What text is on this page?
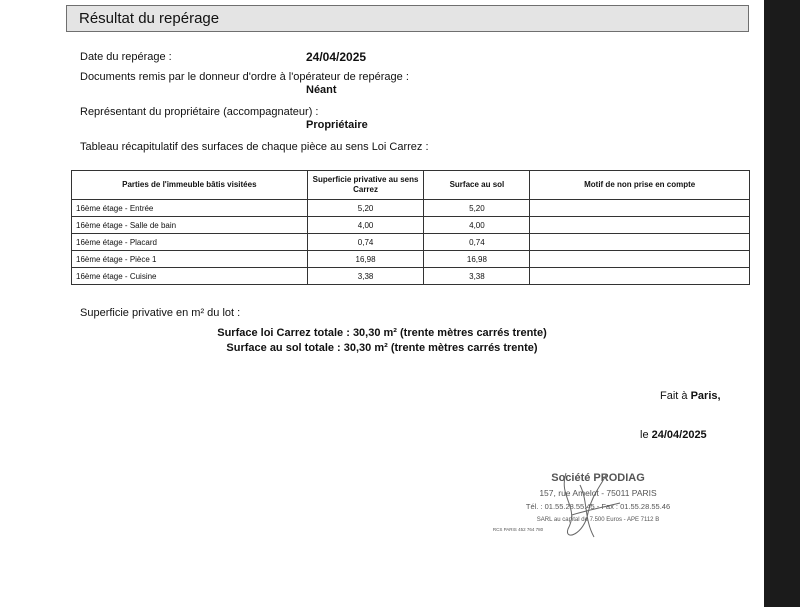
Résultat du repérage
Date du repérage :	24/04/2025
Documents remis par le donneur d'ordre à l'opérateur de repérage :
Néant
Représentant du propriétaire (accompagnateur) :
Propriétaire
Tableau récapitulatif des surfaces de chaque pièce au sens Loi Carrez :
Parties de l'immeuble bâtis visitées	Superficie privative au sens Carrez	Surface au sol	Motif de non prise en compte
16ème étage - Entrée	5,20	5,20	
16ème étage - Salle de bain	4,00	4,00	
16ème étage - Placard	0,74	0,74	
16ème étage - Pièce 1	16,98	16,98	
16ème étage - Cuisine	3,38	3,38	
Superficie privative en m² du lot :
Surface loi Carrez totale : 30,30 m² (trente mètres carrés trente)
Surface au sol totale : 30,30 m² (trente mètres carrés trente)
Fait à Paris,
le 24/04/2025
Société PRODIAG
157, rue Amelot - 75011 PARIS
Tél. : 01.55.28.55.45 - Fax : 01.55.28.55.46
SARL au capital de 7.500 Euros - APE 7112 B
RCS PARIS 452 764 780
